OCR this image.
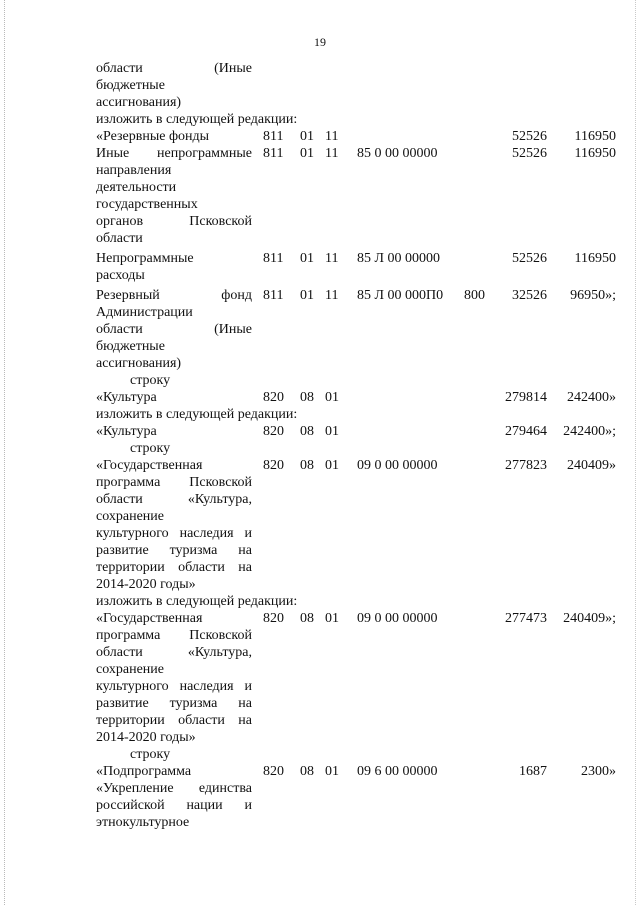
19
области (Иные
бюджетные
ассигнования)
изложить в следующей редакции:
«Резервные фонды	811 01 11	52526 116950
Иные непрограммные
направления
деятельности
государственных
органов Псковской
области
811 01 11 85 0 00 00000	52526 116950
Непрограммные
расходы
811 01 11 85 Л 00 00000	52526 116950
Резервный фонд
Администрации
области (Иные
бюджетные
ассигнования)
811 01 11 85 Л 00 000П0 800 32526 96950»;
строку
«Культура	820 08 01	279814 242400»
изложить в следующей редакции:
«Культура	820 08 01	279464 242400»;
строку
«Государственная
программа Псковской
области «Культура,
сохранение
культурного наследия и
развитие туризма на
территории области на
2014-2020 годы»
820 08 01 09 0 00 00000	277823 240409»
изложить в следующей редакции:
«Государственная
программа Псковской
области «Культура,
сохранение
культурного наследия и
развитие туризма на
территории области на
2014-2020 годы»
820 08 01 09 0 00 00000	277473 240409»;
строку
«Подпрограмма
«Укрепление единства
российской нации и
этнокультурное
820 08 01 09 6 00 00000	1687 2300»
